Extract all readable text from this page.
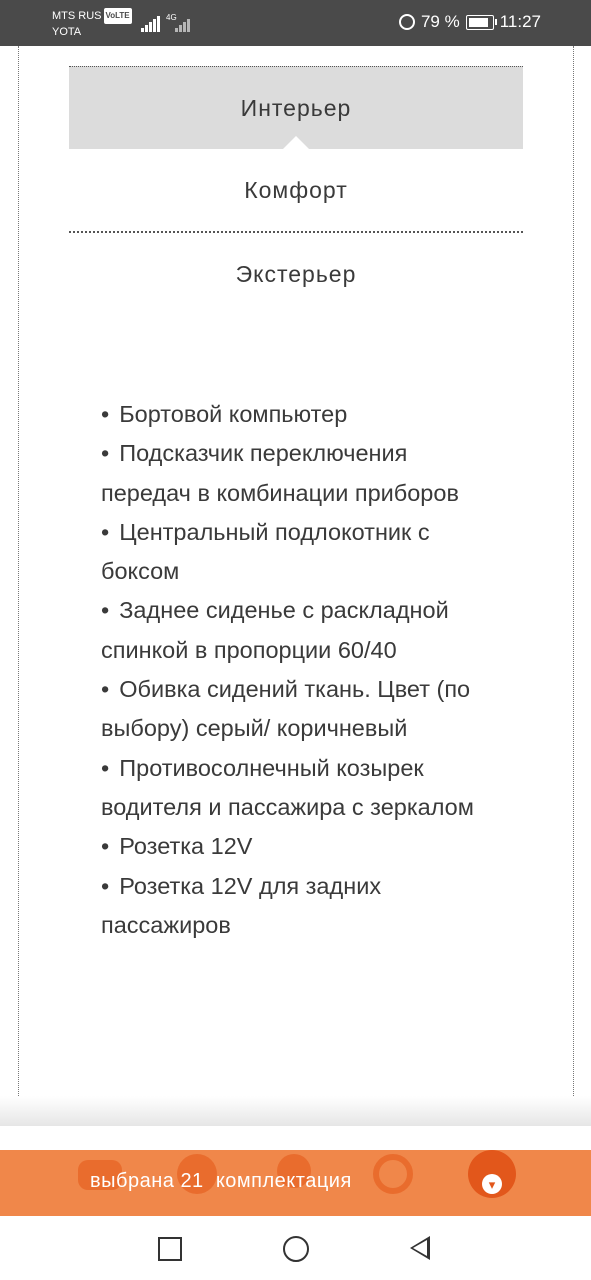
MTS RUS VoLTE
YOTA
4G	79 % 11:27
Интерьер
Комфорт
Экстерьер
• Бортовой компьютер
• Подсказчик переключения передач в комбинации приборов
• Центральный подлокотник с боксом
• Заднее сиденье с раскладной спинкой в пропорции 60/40
• Обивка сидений ткань. Цвет (по выбору) серый/ коричневый
• Противосолнечный козырек водителя и пассажира с зеркалом
• Розетка 12V
• Розетка 12V для задних пассажиров
выбрана 21 комплектация	▾
